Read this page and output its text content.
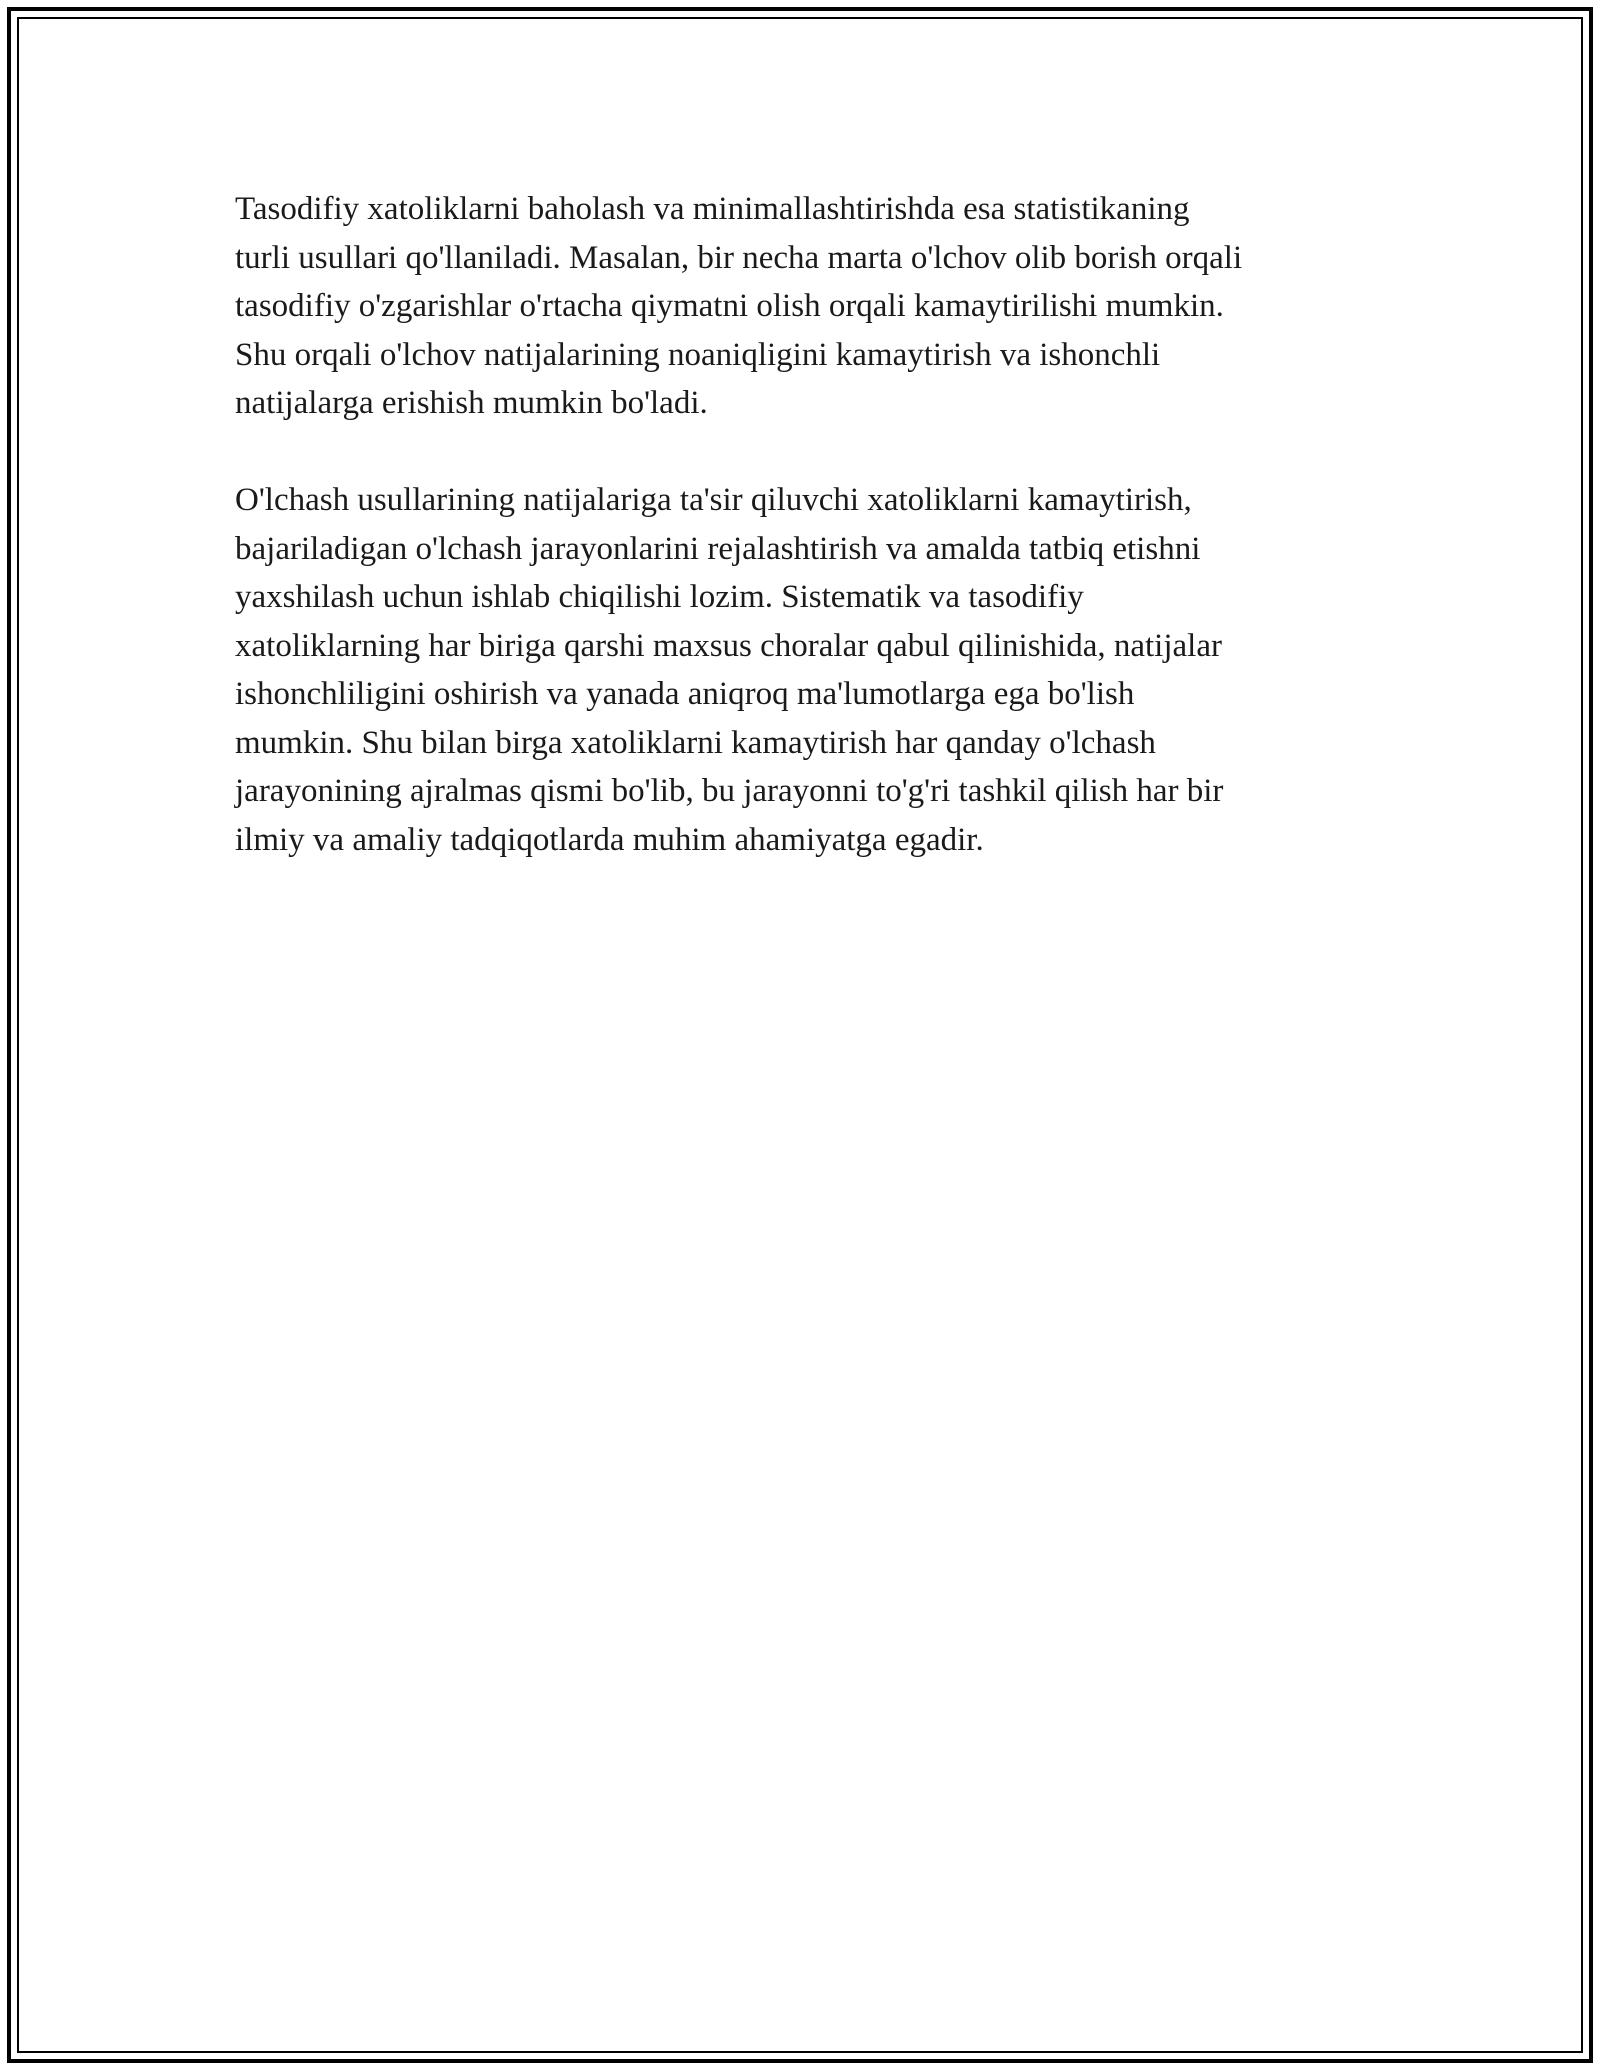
Tasodifiy xatoliklarni baholash va minimallashtirishda esa statistikaning
turli usullari qo'llaniladi. Masalan, bir necha marta o'lchov olib borish orqali
tasodifiy o'zgarishlar o'rtacha qiymatni olish orqali kamaytirilishi mumkin.
Shu orqali o'lchov natijalarining noaniqligini kamaytirish va ishonchli
natijalarga erishish mumkin bo'ladi.

O'lchash usullarining natijalariga ta'sir qiluvchi xatoliklarni kamaytirish,
bajariladigan o'lchash jarayonlarini rejalashtirish va amalda tatbiq etishni
yaxshilash uchun ishlab chiqilishi lozim. Sistematik va tasodifiy
xatoliklarning har biriga qarshi maxsus choralar qabul qilinishida, natijalar
ishonchliligini oshirish va yanada aniqroq ma'lumotlarga ega bo'lish
mumkin. Shu bilan birga xatoliklarni kamaytirish har qanday o'lchash
jarayonining ajralmas qismi bo'lib, bu jarayonni to'g'ri tashkil qilish har bir
ilmiy va amaliy tadqiqotlarda muhim ahamiyatga egadir.
